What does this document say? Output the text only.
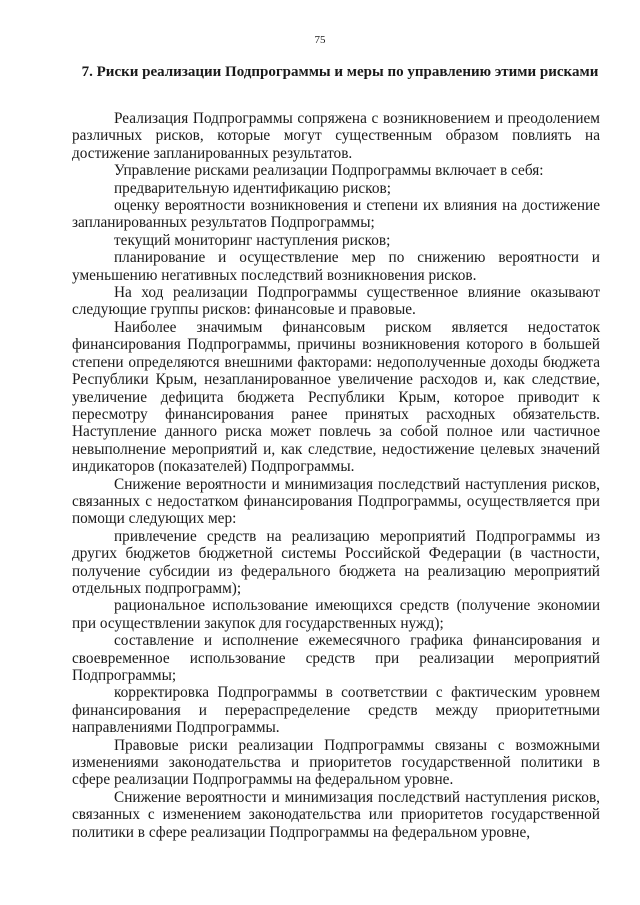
75
7. Риски реализации Подпрограммы и меры по управлению этими рисками

Реализация Подпрограммы сопряжена с возникновением и преодолением различных рисков, которые могут существенным образом повлиять на достижение запланированных результатов.

Управление рисками реализации Подпрограммы включает в себя:

предварительную идентификацию рисков;

оценку вероятности возникновения и степени их влияния на достижение запланированных результатов Подпрограммы;

текущий мониторинг наступления рисков;

планирование и осуществление мер по снижению вероятности и уменьшению негативных последствий возникновения рисков.

На ход реализации Подпрограммы существенное влияние оказывают следующие группы рисков: финансовые и правовые.

Наиболее значимым финансовым риском является недостаток финансирования Подпрограммы, причины возникновения которого в большей степени определяются внешними факторами: недополученные доходы бюджета Республики Крым, незапланированное увеличение расходов и, как следствие, увеличение дефицита бюджета Республики Крым, которое приводит к пересмотру финансирования ранее принятых расходных обязательств. Наступление данного риска может повлечь за собой полное или частичное невыполнение мероприятий и, как следствие, недостижение целевых значений индикаторов (показателей) Подпрограммы.

Снижение вероятности и минимизация последствий наступления рисков, связанных с недостатком финансирования Подпрограммы, осуществляется при помощи следующих мер:

привлечение средств на реализацию мероприятий Подпрограммы из других бюджетов бюджетной системы Российской Федерации (в частности, получение субсидии из федерального бюджета на реализацию мероприятий отдельных подпрограмм);

рациональное использование имеющихся средств (получение экономии при осуществлении закупок для государственных нужд);

составление и исполнение ежемесячного графика финансирования и своевременное использование средств при реализации мероприятий Подпрограммы;

корректировка Подпрограммы в соответствии с фактическим уровнем финансирования и перераспределение средств между приоритетными направлениями Подпрограммы.

Правовые риски реализации Подпрограммы связаны с возможными изменениями законодательства и приоритетов государственной политики в сфере реализации Подпрограммы на федеральном уровне.

Снижение вероятности и минимизация последствий наступления рисков, связанных с изменением законодательства или приоритетов государственной политики в сфере реализации Подпрограммы на федеральном уровне,
